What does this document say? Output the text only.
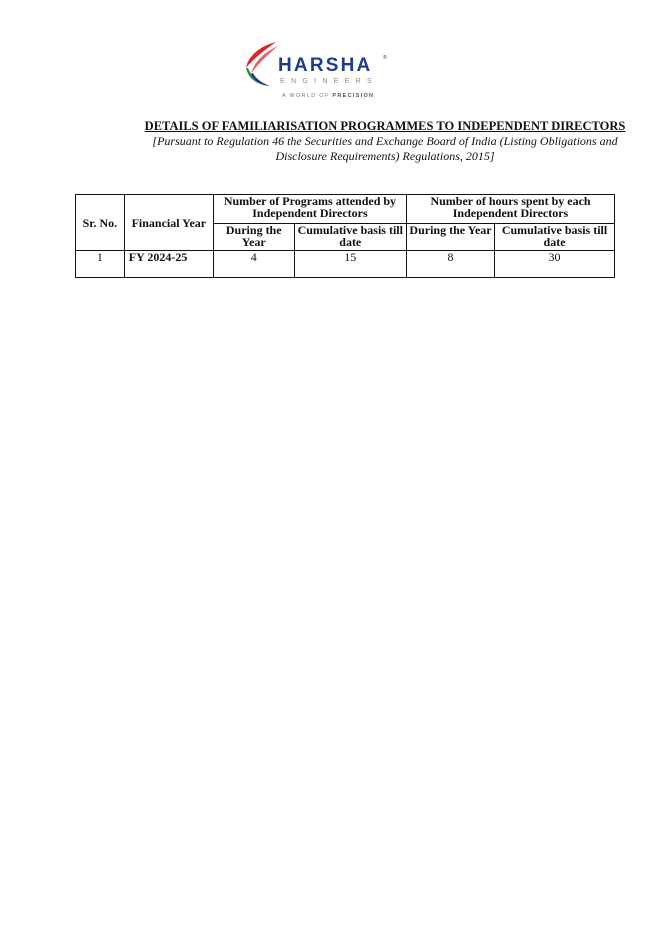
HARSHA ®
ENGINEERS
A WORLD OF PRECISION
DETAILS OF FAMILIARISATION PROGRAMMES TO INDEPENDENT DIRECTORS
[Pursuant to Regulation 46 the Securities and Exchange Board of India (Listing Obligations and
Disclosure Requirements) Regulations, 2015]
Sr. No.	Financial Year	Number of Programs attended by Independent Directors		Number of hours spent by each Independent Directors	
		During the Year	Cumulative basis till date	During the Year	Cumulative basis till date
1	FY 2024-25	4	15	8	30
